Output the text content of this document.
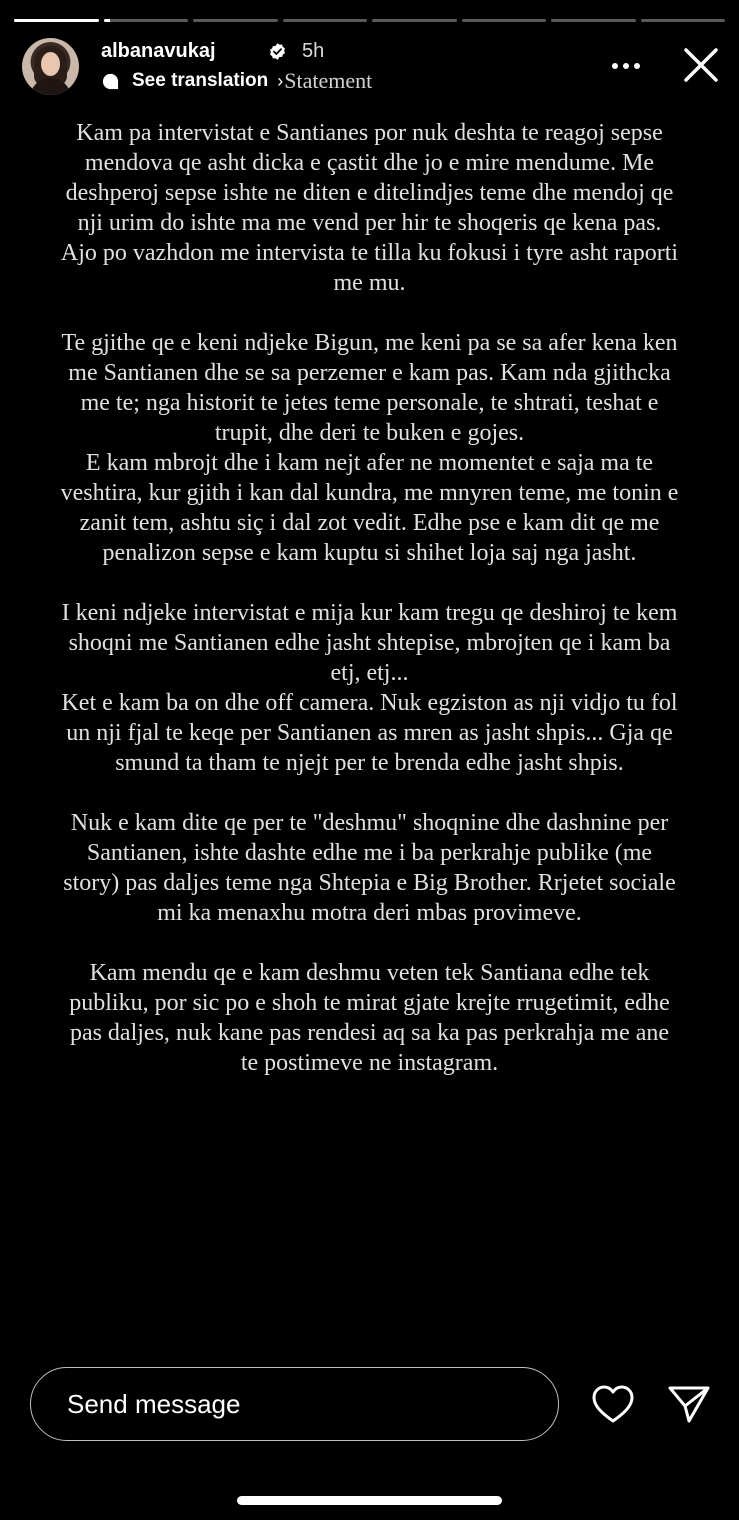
albanavukaj	5h
See translation › Statement

Kam pa intervistat e Santianes por nuk deshta te reagoj sepse mendova qe asht dicka e çastit dhe jo e mire mendume. Me deshperoj sepse ishte ne diten e ditelindjes teme dhe mendoj qe nji urim do ishte ma me vend per hir te shoqeris qe kena pas. Ajo po vazhdon me intervista te tilla ku fokusi i tyre asht raporti me mu.

Te gjithe qe e keni ndjeke Bigun, me keni pa se sa afer kena ken me Santianen dhe se sa perzemer e kam pas. Kam nda gjithcka me te; nga historit te jetes teme personale, te shtrati, teshat e trupit, dhe deri te buken e gojes.
E kam mbrojt dhe i kam nejt afer ne momentet e saja ma te veshtira, kur gjith i kan dal kundra, me mnyren teme, me tonin e zanit tem, ashtu siç i dal zot vedit. Edhe pse e kam dit qe me penalizon sepse e kam kuptu si shihet loja saj nga jasht.

I keni ndjeke intervistat e mija kur kam tregu qe deshiroj te kem shoqni me Santianen edhe jasht shtepise, mbrojten qe i kam ba etj, etj...
Ket e kam ba on dhe off camera. Nuk egziston as nji vidjo tu fol un nji fjal te keqe per Santianen as mren as jasht shpis... Gja qe smund ta tham te njejt per te brenda edhe jasht shpis.

Nuk e kam dite qe per te "deshmu" shoqnine dhe dashnine per Santianen, ishte dashte edhe me i ba perkrahje publike (me story) pas daljes teme nga Shtepia e Big Brother. Rrjetet sociale mi ka menaxhu motra deri mbas provimeve.

Kam mendu qe e kam deshmu veten tek Santiana edhe tek publiku, por sic po e shoh te mirat gjate krejte rrugetimit, edhe pas daljes, nuk kane pas rendesi aq sa ka pas perkrahja me ane te postimeve ne instagram.

Send message
